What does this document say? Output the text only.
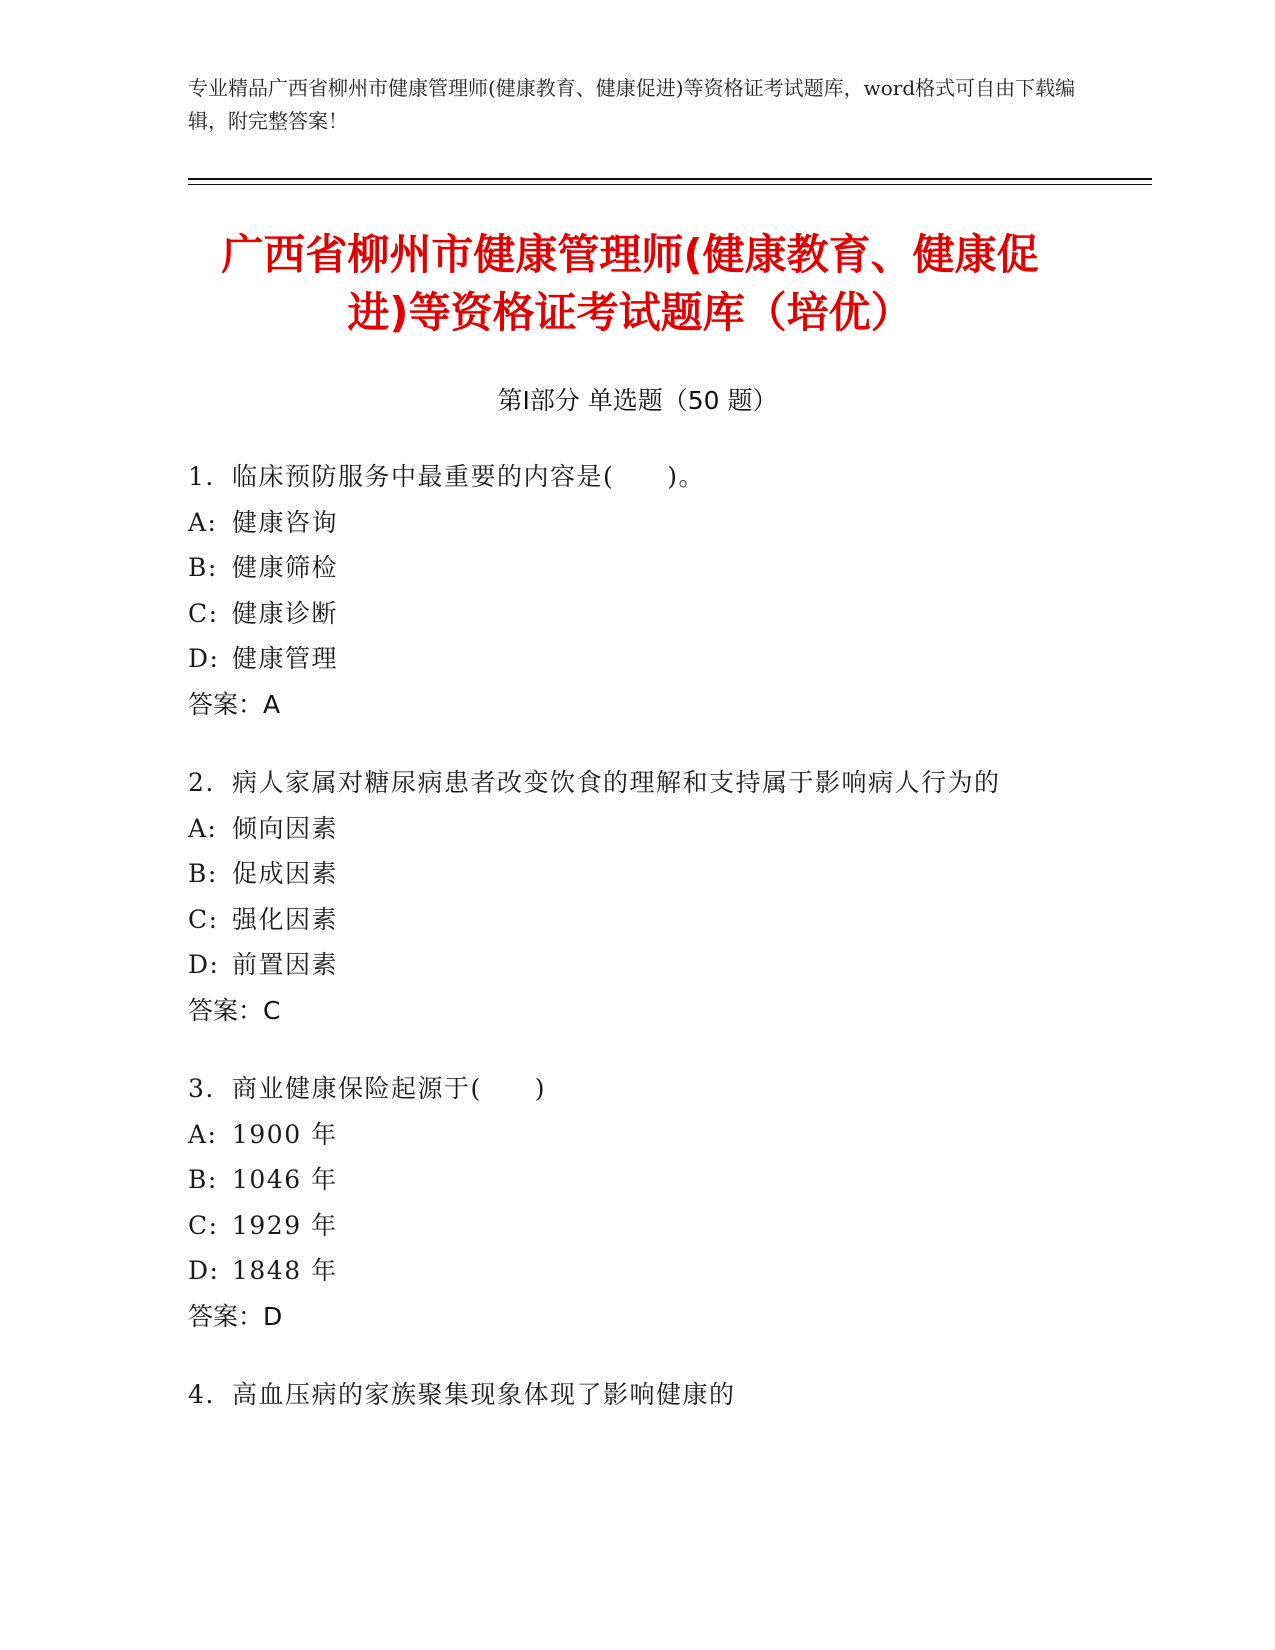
专业精品广西省柳州市健康管理师(健康教育、健康促进)等资格证考试题库，word格式可自由下载编辑，附完整答案！
广西省柳州市健康管理师(健康教育、健康促
进)等资格证考试题库（培优）
第Ⅰ部分 单选题（50 题）
1. 临床预防服务中最重要的内容是(　　)。
A: 健康咨询
B: 健康筛检
C: 健康诊断
D: 健康管理
答案：A
2. 病人家属对糖尿病患者改变饮食的理解和支持属于影响病人行为的
A: 倾向因素
B: 促成因素
C: 强化因素
D: 前置因素
答案：C
3. 商业健康保险起源于(　　)
A: 1900 年
B: 1046 年
C: 1929 年
D: 1848 年
答案：D
4. 高血压病的家族聚集现象体现了影响健康的
